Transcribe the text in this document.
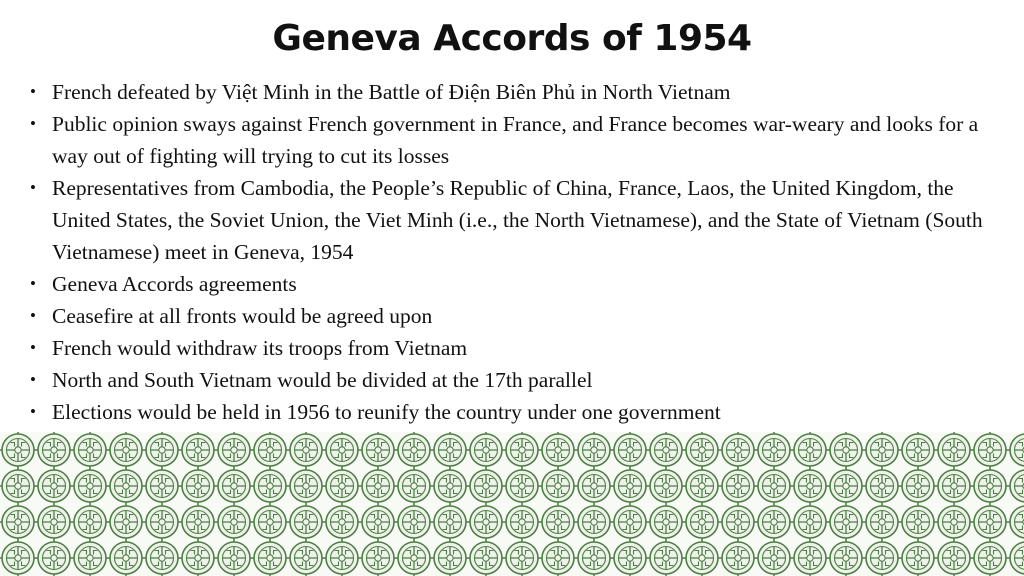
Geneva Accords of 1954
• French defeated by Việt Minh in the Battle of Điện Biên Phủ in North Vietnam
• Public opinion sways against French government in France, and France becomes war-weary and looks for a way out of fighting will trying to cut its losses
• Representatives from Cambodia, the People’s Republic of China, France, Laos, the United Kingdom, the United States, the Soviet Union, the Viet Minh (i.e., the North Vietnamese), and the State of Vietnam (South Vietnamese) meet in Geneva, 1954
• Geneva Accords agreements
• Ceasefire at all fronts would be agreed upon
• French would withdraw its troops from Vietnam
• North and South Vietnam would be divided at the 17th parallel
• Elections would be held in 1956 to reunify the country under one government
